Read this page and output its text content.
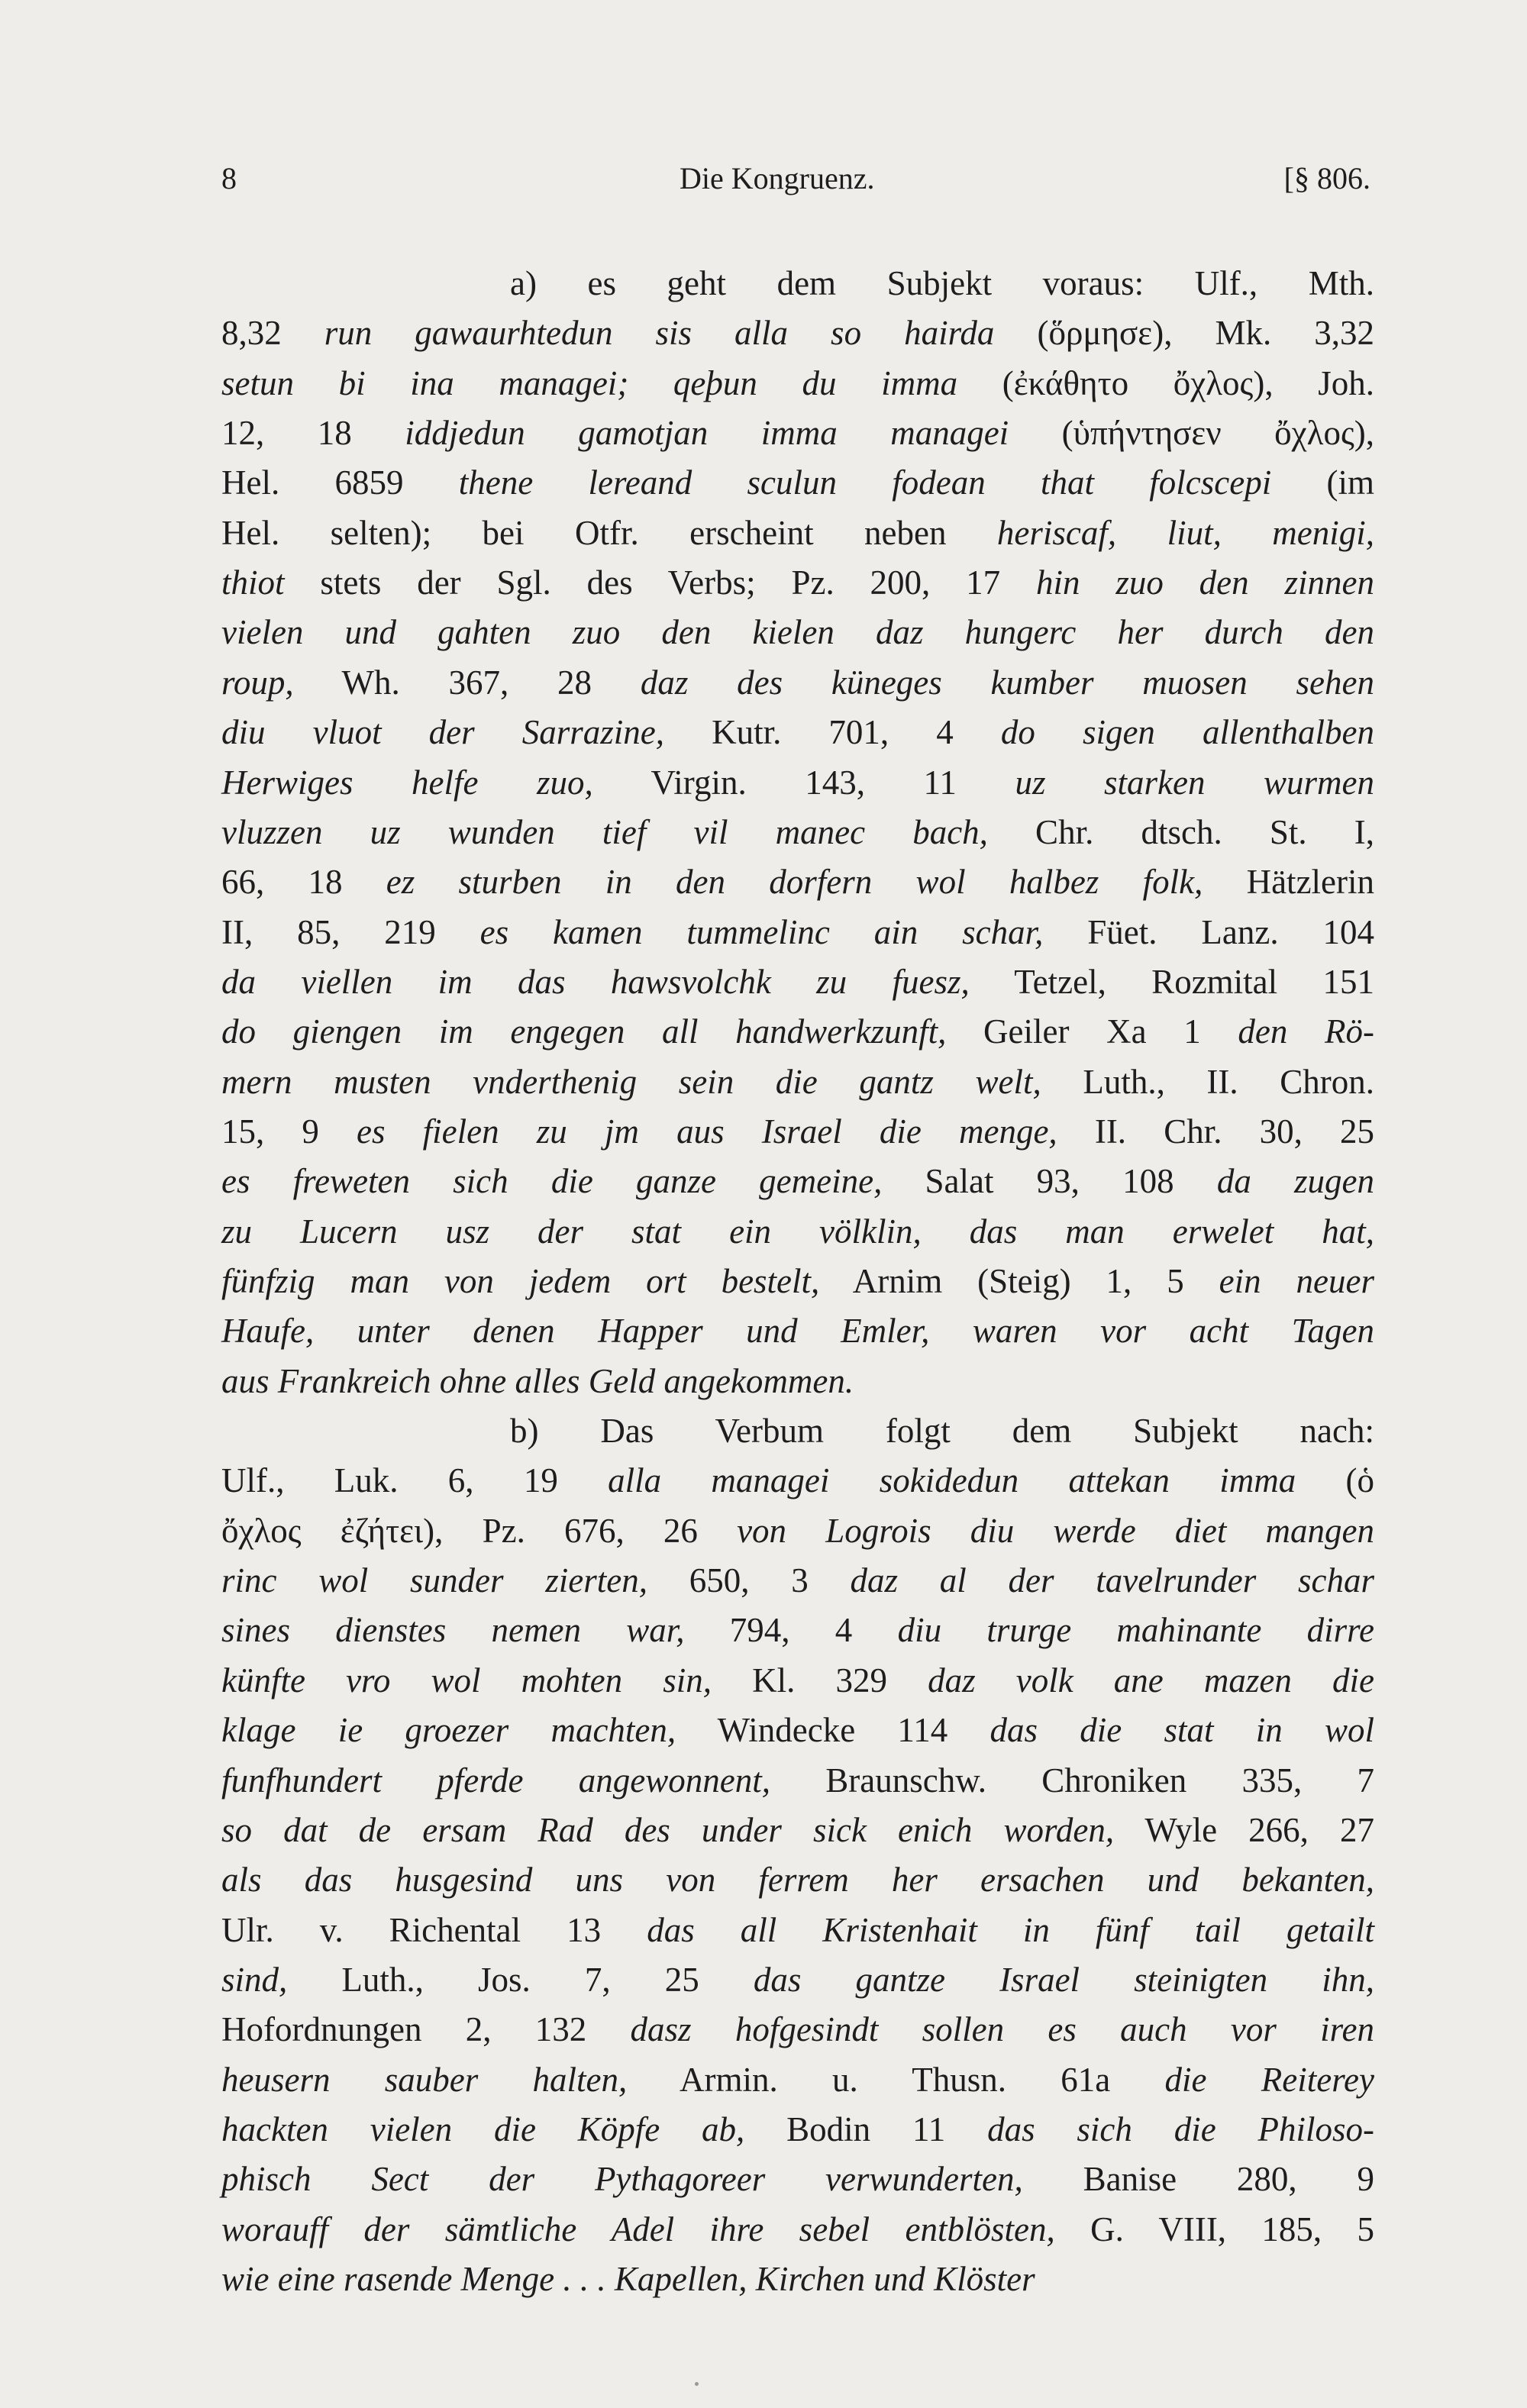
8	Die Kongruenz.	[§ 806.
a) es geht dem Subjekt voraus: Ulf., Mth.
8,32 run gawaurhtedun sis alla so hairda (ὅρμησε), Mk. 3,32
setun bi ina managei; qeþun du imma (ἐκάθητο ὄχλος), Joh.
12, 18 iddjedun gamotjan imma managei (ὑπήντησεν ὄχλος),
Hel. 6859 thene lereand sculun fodean that folcscepi (im
Hel. selten); bei Otfr. erscheint neben heriscaf, liut, menigi,
thiot stets der Sgl. des Verbs; Pz. 200, 17 hin zuo den zinnen
vielen und gahten zuo den kielen daz hungerc her durch den
roup, Wh. 367, 28 daz des küneges kumber muosen sehen
diu vluot der Sarrazine, Kutr. 701, 4 do sigen allenthalben
Herwiges helfe zuo, Virgin. 143, 11 uz starken wurmen
vluzzen uz wunden tief vil manec bach, Chr. dtsch. St. I,
66, 18 ez sturben in den dorfern wol halbez folk, Hätzlerin
II, 85, 219 es kamen tummelinc ain schar, Füet. Lanz. 104
da viellen im das hawsvolchk zu fuesz, Tetzel, Rozmital 151
do giengen im engegen all handwerkzunft, Geiler Xa 1 den Rö-
mern musten vnderthenig sein die gantz welt, Luth., II. Chron.
15, 9 es fielen zu jm aus Israel die menge, II. Chr. 30, 25
es freweten sich die ganze gemeine, Salat 93, 108 da zugen
zu Lucern usz der stat ein völklin, das man erwelet hat,
fünfzig man von jedem ort bestelt, Arnim (Steig) 1, 5 ein neuer
Haufe, unter denen Happer und Emler, waren vor acht Tagen
aus Frankreich ohne alles Geld angekommen.
b) Das Verbum folgt dem Subjekt nach:
Ulf., Luk. 6, 19 alla managei sokidedun attekan imma (ὁ
ὄχλος ἐζήτει), Pz. 676, 26 von Logrois diu werde diet mangen
rinc wol sunder zierten, 650, 3 daz al der tavelrunder schar
sines dienstes nemen war, 794, 4 diu trurge mahinante dirre
künfte vro wol mohten sin, Kl. 329 daz volk ane mazen die
klage ie groezer machten, Windecke 114 das die stat in wol
funfhundert pferde angewonnent, Braunschw. Chroniken 335, 7
so dat de ersam Rad des under sick enich worden, Wyle 266, 27
als das husgesind uns von ferrem her ersachen und bekanten,
Ulr. v. Richental 13 das all Kristenhait in fünf tail getailt
sind, Luth., Jos. 7, 25 das gantze Israel steinigten ihn,
Hofordnungen 2, 132 dasz hofgesindt sollen es auch vor iren
heusern sauber halten, Armin. u. Thusn. 61a die Reiterey
hackten vielen die Köpfe ab, Bodin 11 das sich die Philoso-
phisch Sect der Pythagoreer verwunderten, Banise 280, 9
worauff der sämtliche Adel ihre sebel entblösten, G. VIII, 185, 5
wie eine rasende Menge . . . Kapellen, Kirchen und Klöster
